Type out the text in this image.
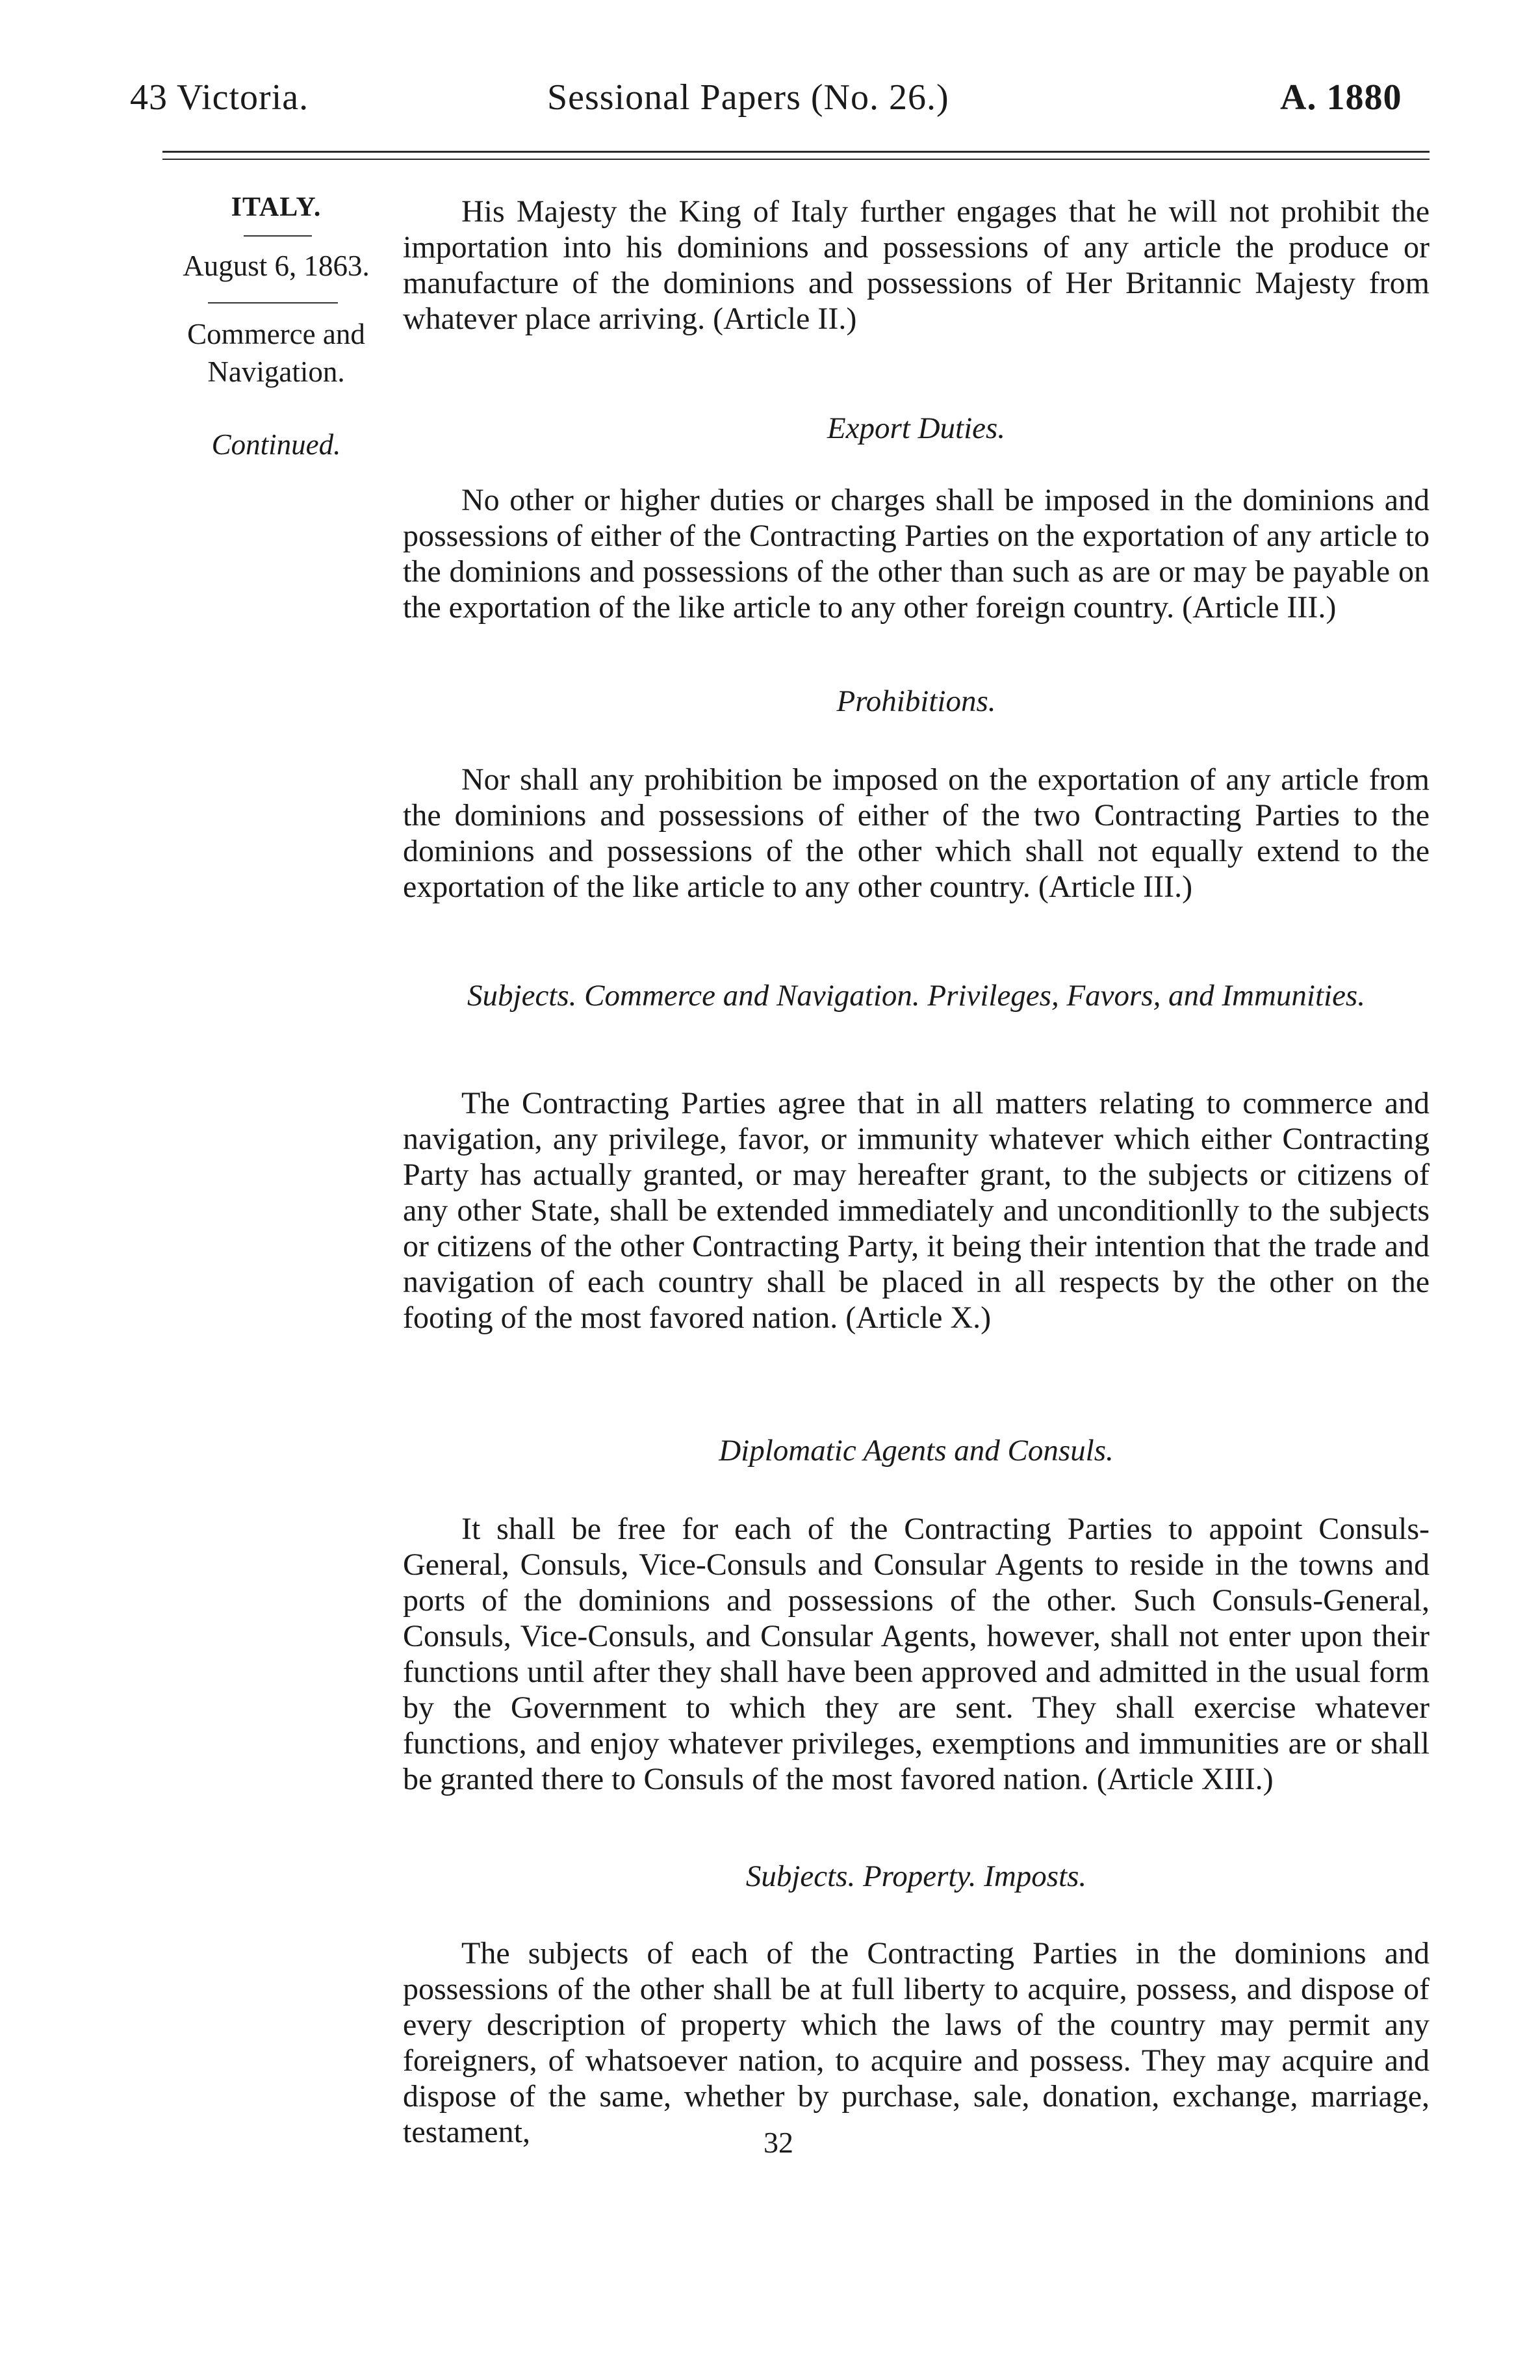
43 Victoria.	Sessional Papers (No. 26.)	A. 1880
ITALY.
August 6, 1863.
Commerce and
Navigation.
Continued.

His Majesty the King of Italy further engages that he will not prohibit the importation into his dominions and possessions of any article the produce or manufacture of the dominions and possessions of Her Britannic Majesty from whatever place arriving. (Article II.)

Export Duties.

No other or higher duties or charges shall be imposed in the dominions and possessions of either of the Contracting Parties on the exportation of any article to the dominions and possessions of the other than such as are or may be payable on the exportation of the like article to any other foreign country. (Article III.)

Prohibitions.

Nor shall any prohibition be imposed on the exportation of any article from the dominions and possessions of either of the two Contracting Parties to the dominions and possessions of the other which shall not equally extend to the exportation of the like article to any other country. (Article III.)

Subjects. Commerce and Navigation. Privileges, Favors, and Immunities.

The Contracting Parties agree that in all matters relating to commerce and navigation, any privilege, favor, or immunity whatever which either Contracting Party has actually granted, or may hereafter grant, to the subjects or citizens of any other State, shall be extended immediately and unconditionlly to the subjects or citizens of the other Contracting Party, it being their intention that the trade and navigation of each country shall be placed in all respects by the other on the footing of the most favored nation. (Article X.)

Diplomatic Agents and Consuls.

It shall be free for each of the Contracting Parties to appoint Consuls-General, Consuls, Vice-Consuls and Consular Agents to reside in the towns and ports of the dominions and possessions of the other. Such Consuls-General, Consuls, Vice-Consuls, and Consular Agents, however, shall not enter upon their functions until after they shall have been approved and admitted in the usual form by the Government to which they are sent. They shall exercise whatever functions, and enjoy whatever privileges, exemptions and immunities are or shall be granted there to Consuls of the most favored nation. (Article XIII.)

Subjects. Property. Imposts.

The subjects of each of the Contracting Parties in the dominions and possessions of the other shall be at full liberty to acquire, possess, and dispose of every description of property which the laws of the country may permit any foreigners, of whatsoever nation, to acquire and possess. They may acquire and dispose of the same, whether by purchase, sale, donation, exchange, marriage, testament,	32
